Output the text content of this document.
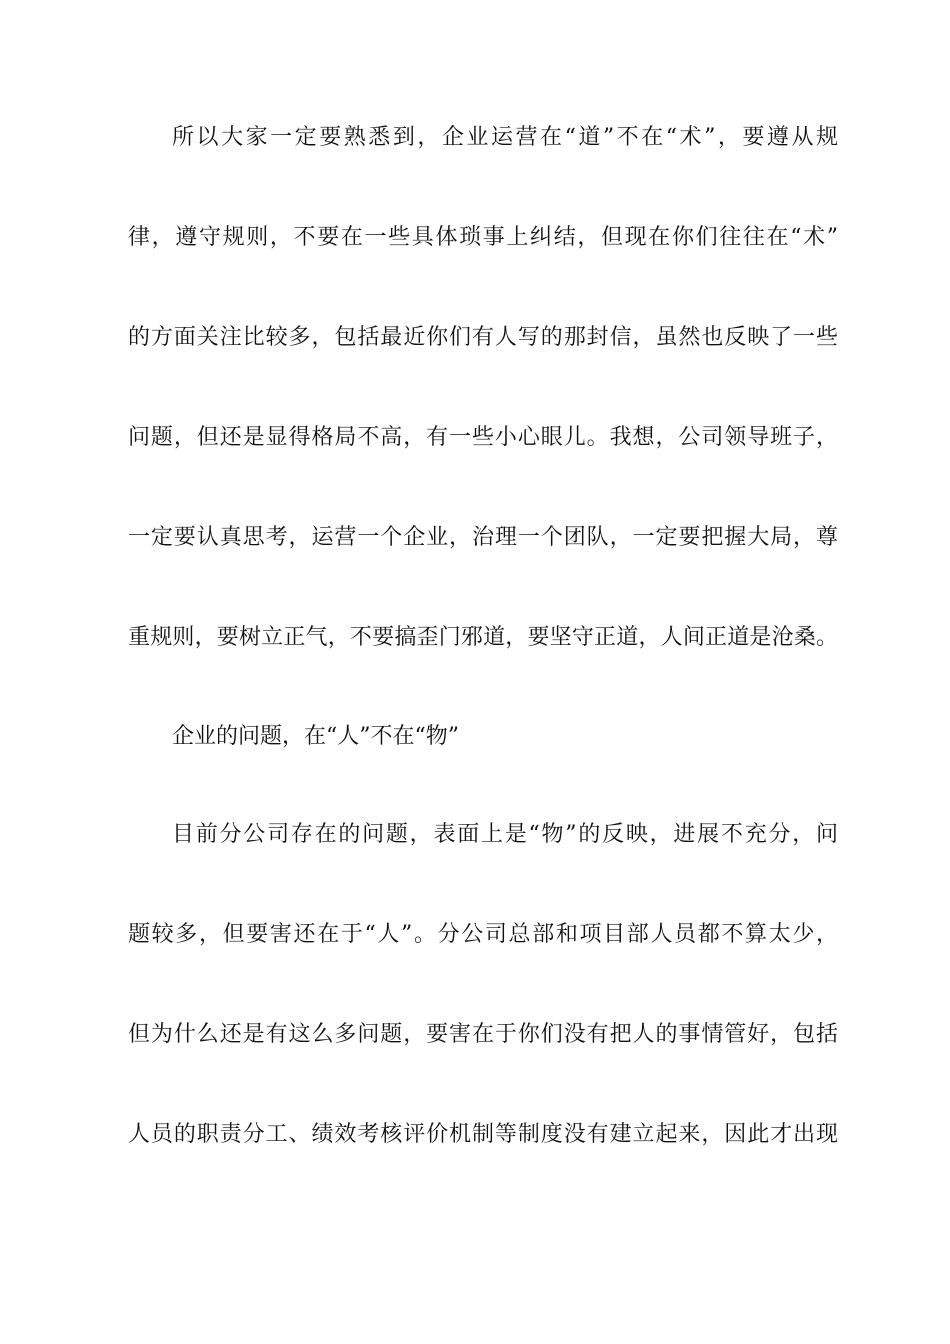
所以大家一定要熟悉到，企业运营在“道”不在“术”，要遵从规
律，遵守规则，不要在一些具体琐事上纠结，但现在你们往往在“术”
的方面关注比较多，包括最近你们有人写的那封信，虽然也反映了一些
问题，但还是显得格局不高，有一些小心眼儿。我想，公司领导班子，
一定要认真思考，运营一个企业，治理一个团队，一定要把握大局，尊
重规则，要树立正气，不要搞歪门邪道，要坚守正道，人间正道是沧桑。
企业的问题，在“人”不在“物”
目前分公司存在的问题，表面上是“物”的反映，进展不充分，问
题较多，但要害还在于“人”。分公司总部和项目部人员都不算太少，
但为什么还是有这么多问题，要害在于你们没有把人的事情管好，包括
人员的职责分工、绩效考核评价机制等制度没有建立起来，因此才出现
